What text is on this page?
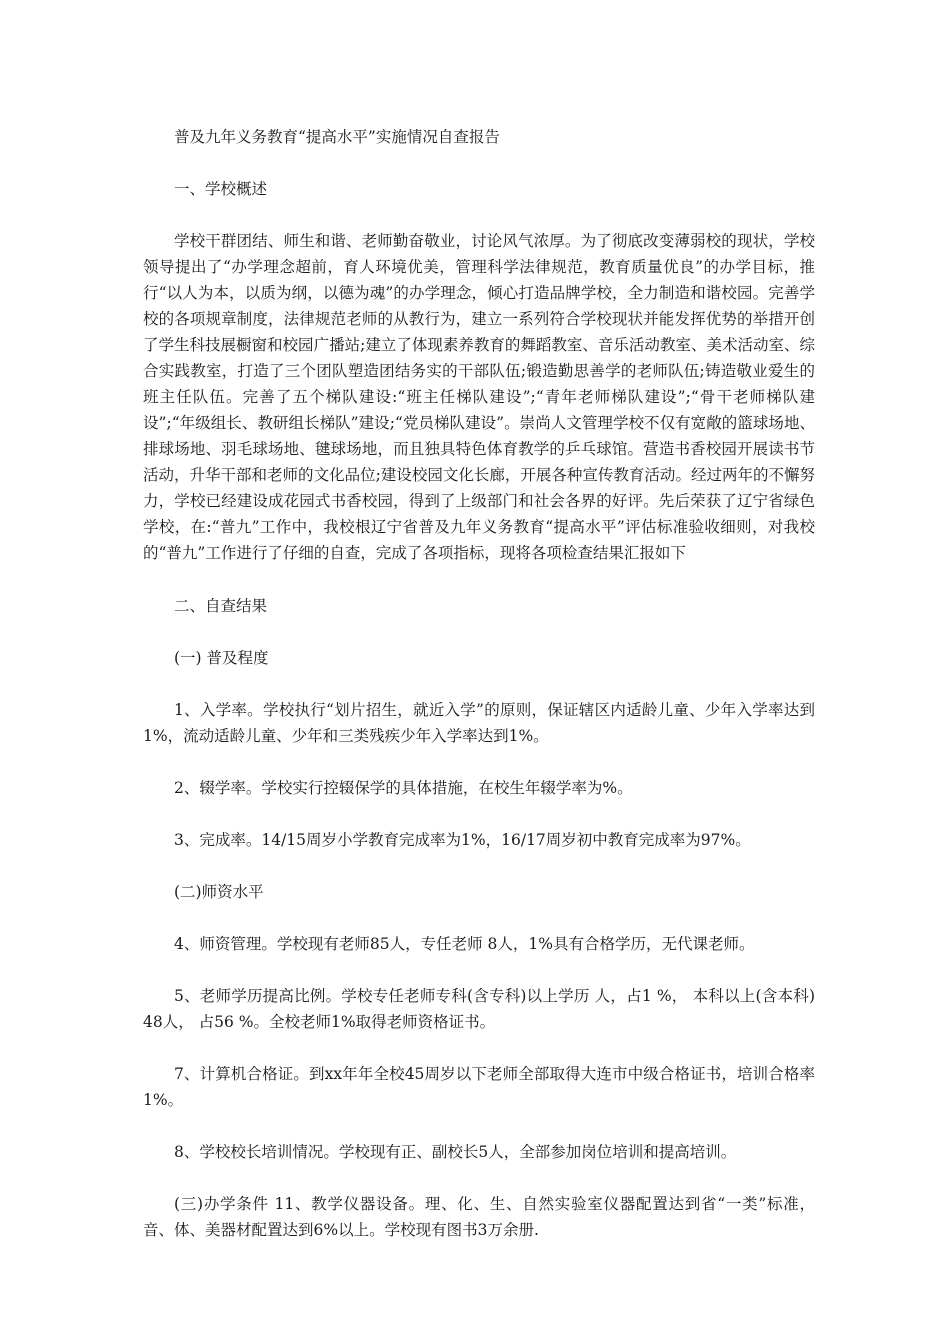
普及九年义务教育“提高水平”实施情况自查报告

一、学校概述

学校干群团结、师生和谐、老师勤奋敬业，讨论风气浓厚。为了彻底改变薄弱校的现状，学校领导提出了“办学理念超前，育人环境优美，管理科学法律规范，教育质量优良”的办学目标，推行“以人为本，以质为纲，以德为魂”的办学理念，倾心打造品牌学校，全力制造和谐校园。完善学校的各项规章制度，法律规范老师的从教行为，建立一系列符合学校现状并能发挥优势的举措开创了学生科技展橱窗和校园广播站;建立了体现素养教育的舞蹈教室、音乐活动教室、美术活动室、综合实践教室，打造了三个团队塑造团结务实的干部队伍;锻造勤思善学的老师队伍;铸造敬业爱生的班主任队伍。完善了五个梯队建设:“班主任梯队建设”;“青年老师梯队建设”;“骨干老师梯队建设”;“年级组长、教研组长梯队”建设;“党员梯队建设”。崇尚人文管理学校不仅有宽敞的篮球场地、排球场地、羽毛球场地、毽球场地，而且独具特色体育教学的乒乓球馆。营造书香校园开展读书节活动，升华干部和老师的文化品位;建设校园文化长廊，开展各种宣传教育活动。经过两年的不懈努力，学校已经建设成花园式书香校园，得到了上级部门和社会各界的好评。先后荣获了辽宁省绿色学校，在:“普九”工作中，我校根辽宁省普及九年义务教育“提高水平”评估标准验收细则，对我校的“普九”工作进行了仔细的自查，完成了各项指标，现将各项检查结果汇报如下

二、自查结果

(一) 普及程度

1、入学率。学校执行“划片招生，就近入学”的原则，保证辖区内适龄儿童、少年入学率达到1%，流动适龄儿童、少年和三类残疾少年入学率达到1%。

2、辍学率。学校实行控辍保学的具体措施，在校生年辍学率为%。

3、完成率。14/15周岁小学教育完成率为1%，16/17周岁初中教育完成率为97%。

(二)师资水平

4、师资管理。学校现有老师85人，专任老师 8人，1%具有合格学历，无代课老师。

5、老师学历提高比例。学校专任老师专科(含专科)以上学历 人，占1 %， 本科以上(含本科) 48人， 占56 %。全校老师1%取得老师资格证书。

7、计算机合格证。到xx年年全校45周岁以下老师全部取得大连市中级合格证书，培训合格率1%。

8、学校校长培训情况。学校现有正、副校长5人，全部参加岗位培训和提高培训。

(三)办学条件 11、教学仪器设备。理、化、生、自然实验室仪器配置达到省“一类”标准，音、体、美器材配置达到6%以上。学校现有图书3万余册.
